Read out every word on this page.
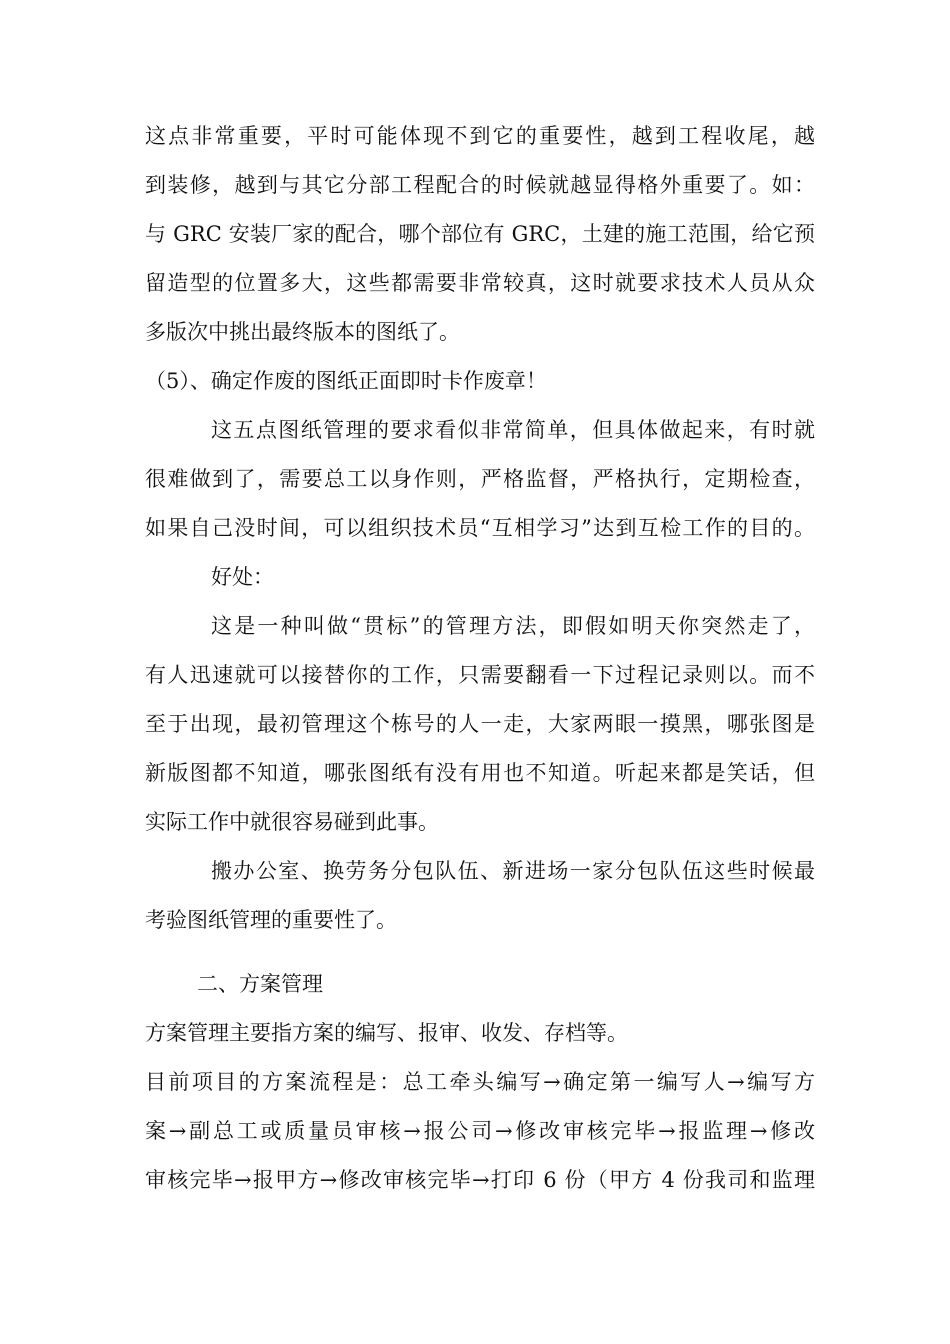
这点非常重要，平时可能体现不到它的重要性，越到工程收尾，越
到装修，越到与其它分部工程配合的时候就越显得格外重要了。如：
与 GRC 安装厂家的配合，哪个部位有 GRC，土建的施工范围，给它预
留造型的位置多大，这些都需要非常较真，这时就要求技术人员从众
多版次中挑出最终版本的图纸了。
（5）、确定作废的图纸正面即时卡作废章！
这五点图纸管理的要求看似非常简单，但具体做起来，有时就
很难做到了，需要总工以身作则，严格监督，严格执行，定期检查，
如果自己没时间，可以组织技术员“互相学习”达到互检工作的目的。
好处：
这是一种叫做“贯标”的管理方法，即假如明天你突然走了，
有人迅速就可以接替你的工作，只需要翻看一下过程记录则以。而不
至于出现，最初管理这个栋号的人一走，大家两眼一摸黑，哪张图是
新版图都不知道，哪张图纸有没有用也不知道。听起来都是笑话，但
实际工作中就很容易碰到此事。
搬办公室、换劳务分包队伍、新进场一家分包队伍这些时候最
考验图纸管理的重要性了。
二、方案管理
方案管理主要指方案的编写、报审、收发、存档等。
目前项目的方案流程是：总工牵头编写→确定第一编写人→编写方
案→副总工或质量员审核→报公司→修改审核完毕→报监理→修改
审核完毕→报甲方→修改审核完毕→打印 6 份（甲方 4 份我司和监理
